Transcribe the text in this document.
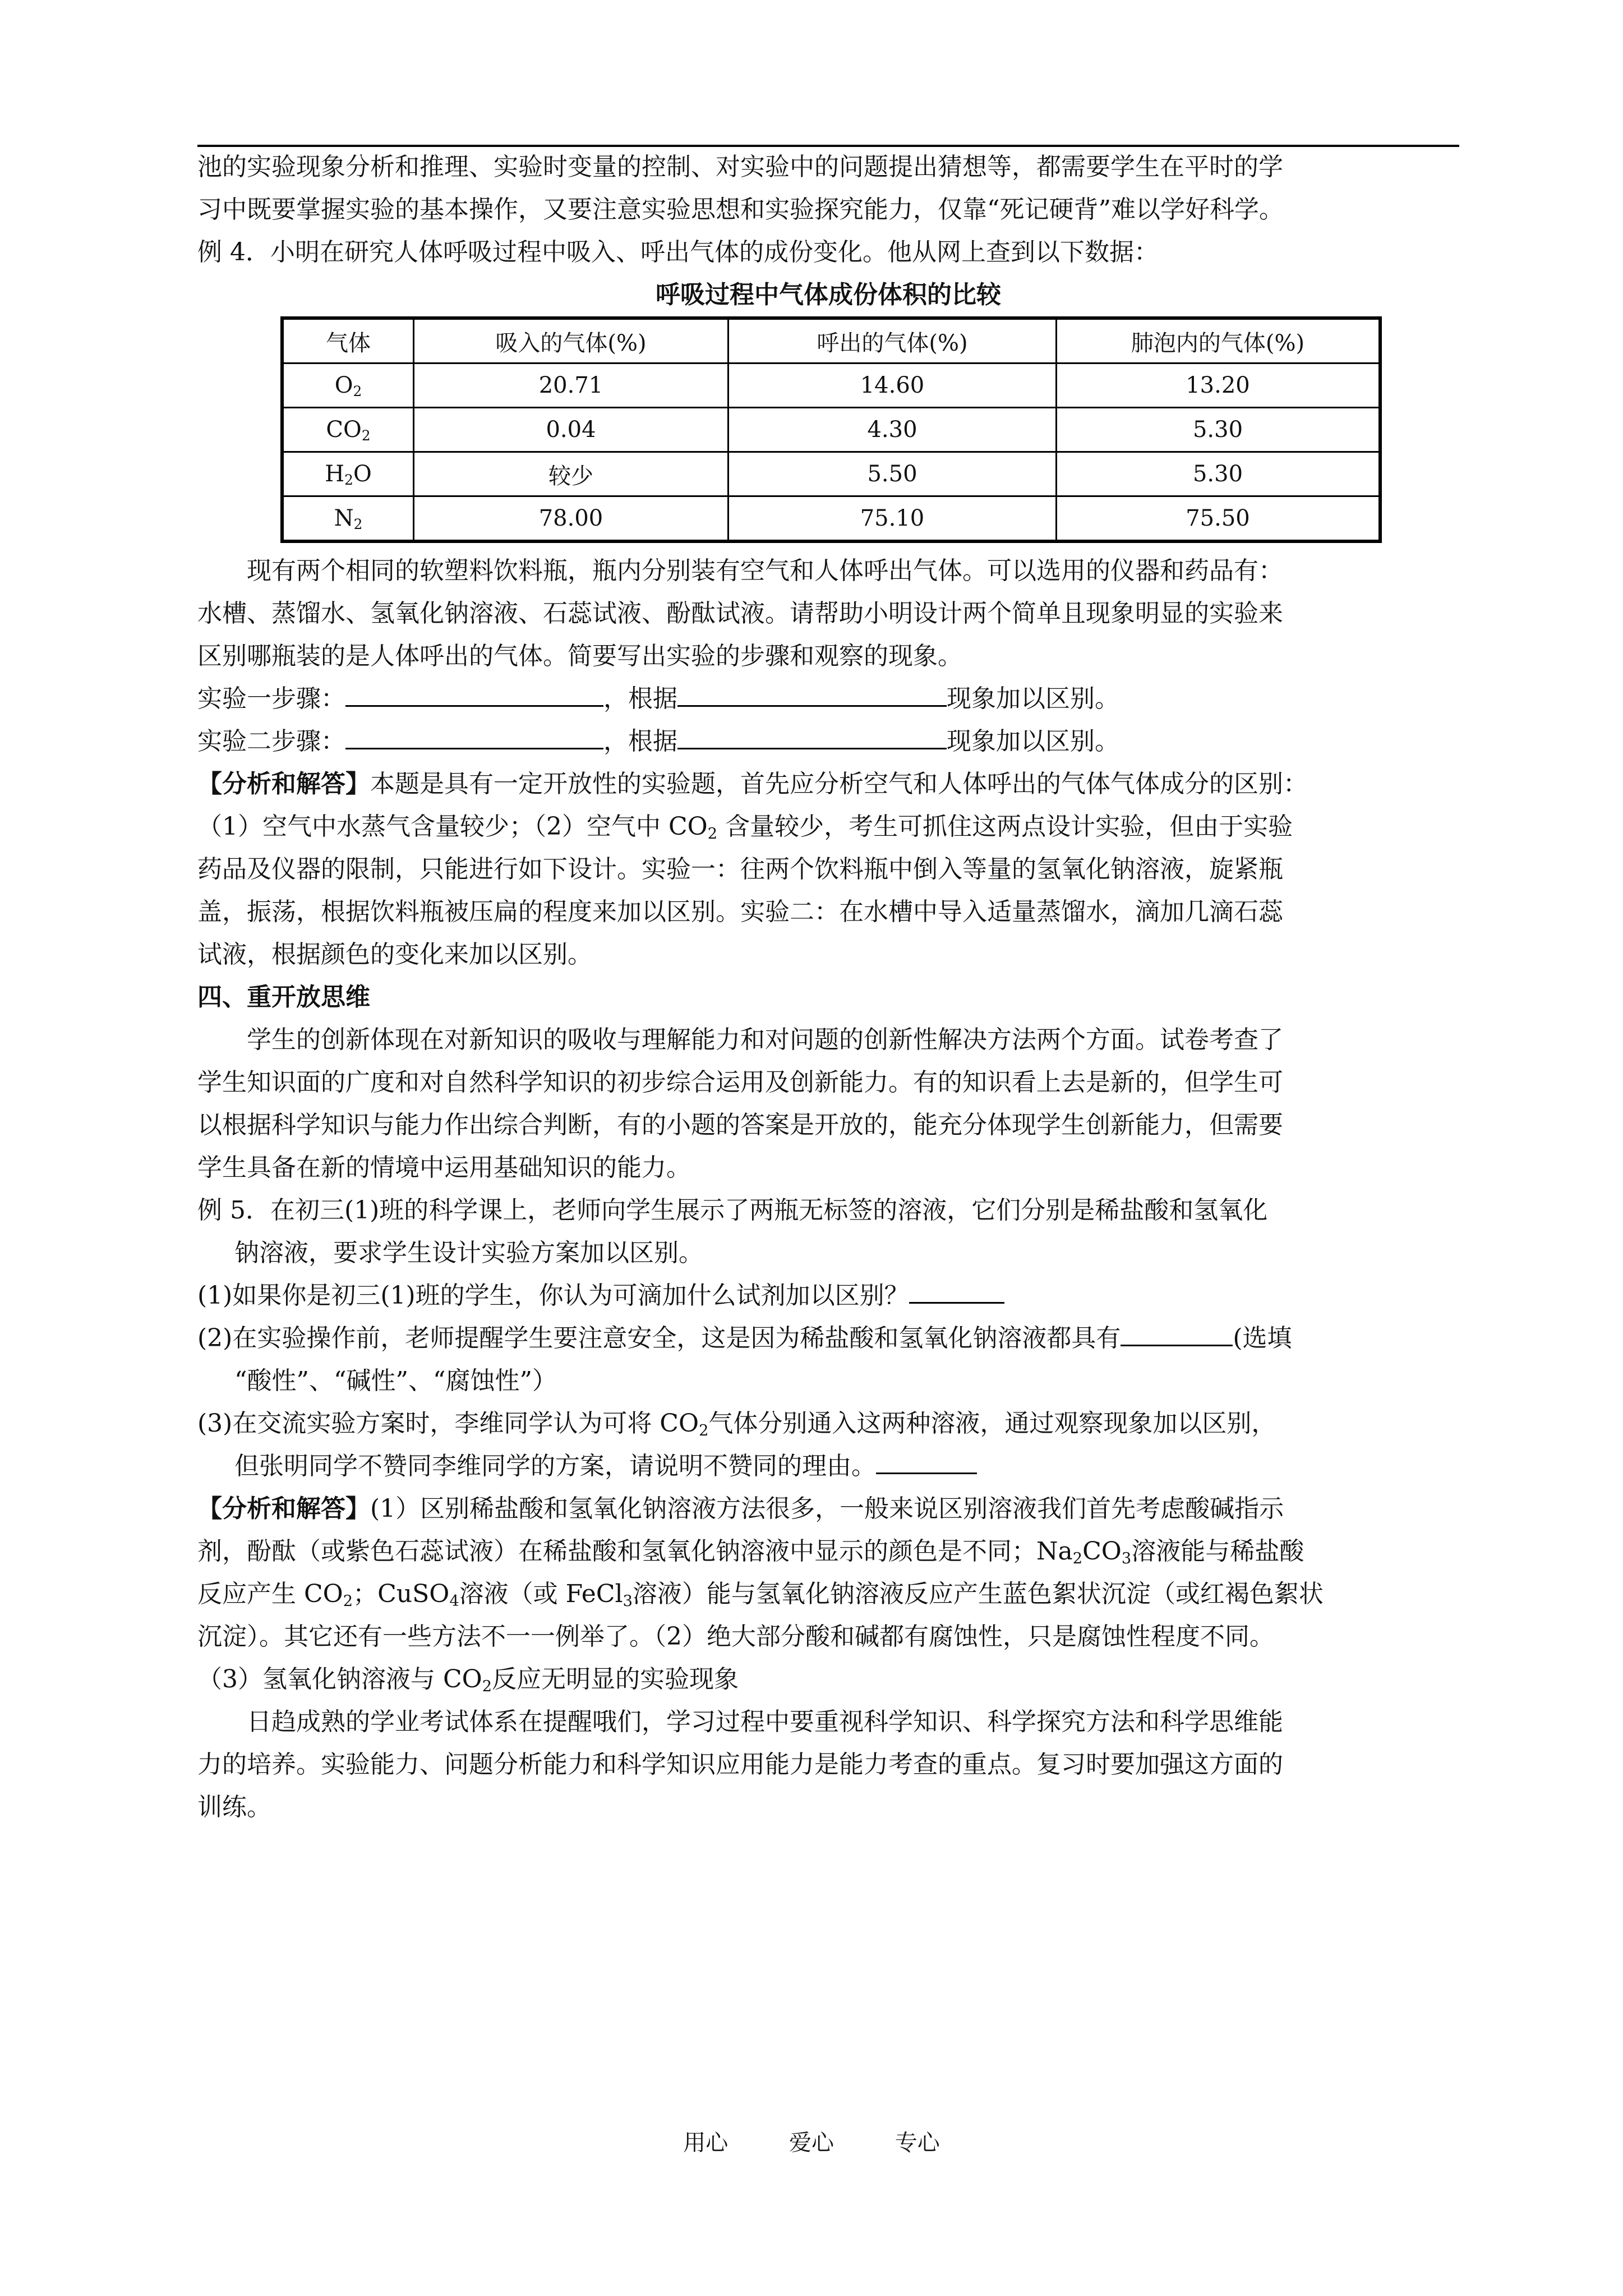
池的实验现象分析和推理、实验时变量的控制、对实验中的问题提出猜想等，都需要学生在平时的学
习中既要掌握实验的基本操作，又要注意实验思想和实验探究能力，仅靠“死记硬背”难以学好科学。
例 4．小明在研究人体呼吸过程中吸入、呼出气体的成份变化。他从网上查到以下数据：
呼吸过程中气体成份体积的比较
气体	吸入的气体(%)	呼出的气体(%)	肺泡内的气体(%)
$O_2$	20.71	14.60	13.20
$CO_2$	0.04	4.30	5.30
$H_2O$	较少	5.50	5.30
$N_2$	78.00	75.10	75.50
现有两个相同的软塑料饮料瓶，瓶内分别装有空气和人体呼出气体。可以选用的仪器和药品有：
水槽、蒸馏水、氢氧化钠溶液、石蕊试液、酚酞试液。请帮助小明设计两个简单且现象明显的实验来
区别哪瓶装的是人体呼出的气体。简要写出实验的步骤和观察的现象。
实验一步骤：	，根据	现象加以区别。
实验二步骤：	，根据	现象加以区别。
【分析和解答】本题是具有一定开放性的实验题，首先应分析空气和人体呼出的气体气体成分的区别：
（1）空气中水蒸气含量较少；（2）空气中 $CO_2$ 含量较少，考生可抓住这两点设计实验，但由于实验
药品及仪器的限制，只能进行如下设计。实验一：往两个饮料瓶中倒入等量的氢氧化钠溶液，旋紧瓶
盖，振荡，根据饮料瓶被压扁的程度来加以区别。实验二：在水槽中导入适量蒸馏水，滴加几滴石蕊
试液，根据颜色的变化来加以区别。
四、重开放思维
学生的创新体现在对新知识的吸收与理解能力和对问题的创新性解决方法两个方面。试卷考查了
学生知识面的广度和对自然科学知识的初步综合运用及创新能力。有的知识看上去是新的，但学生可
以根据科学知识与能力作出综合判断，有的小题的答案是开放的，能充分体现学生创新能力，但需要
学生具备在新的情境中运用基础知识的能力。
例 5．在初三(1)班的科学课上，老师向学生展示了两瓶无标签的溶液，它们分别是稀盐酸和氢氧化
钠溶液，要求学生设计实验方案加以区别。
(1)如果你是初三(1)班的学生，你认为可滴加什么试剂加以区别？
(2)在实验操作前，老师提醒学生要注意安全，这是因为稀盐酸和氢氧化钠溶液都具有	(选填
“酸性”、“碱性”、“腐蚀性”）
(3)在交流实验方案时，李维同学认为可将 $CO_2$气体分别通入这两种溶液，通过观察现象加以区别，
但张明同学不赞同李维同学的方案，请说明不赞同的理由。
【分析和解答】(1）区别稀盐酸和氢氧化钠溶液方法很多，一般来说区别溶液我们首先考虑酸碱指示
剂，酚酞（或紫色石蕊试液）在稀盐酸和氢氧化钠溶液中显示的颜色是不同；$Na_2CO_3$溶液能与稀盐酸
反应产生 $CO_2$；CuSO$_4$溶液（或 FeCl$_3$溶液）能与氢氧化钠溶液反应产生蓝色絮状沉淀（或红褐色絮状
沉淀）。其它还有一些方法不一一例举了。（2）绝大部分酸和碱都有腐蚀性，只是腐蚀性程度不同。
（3）氢氧化钠溶液与 $CO_2$反应无明显的实验现象
日趋成熟的学业考试体系在提醒哦们，学习过程中要重视科学知识、科学探究方法和科学思维能
力的培养。实验能力、问题分析能力和科学知识应用能力是能力考查的重点。复习时要加强这方面的
训练。
用心	爱心	专心
